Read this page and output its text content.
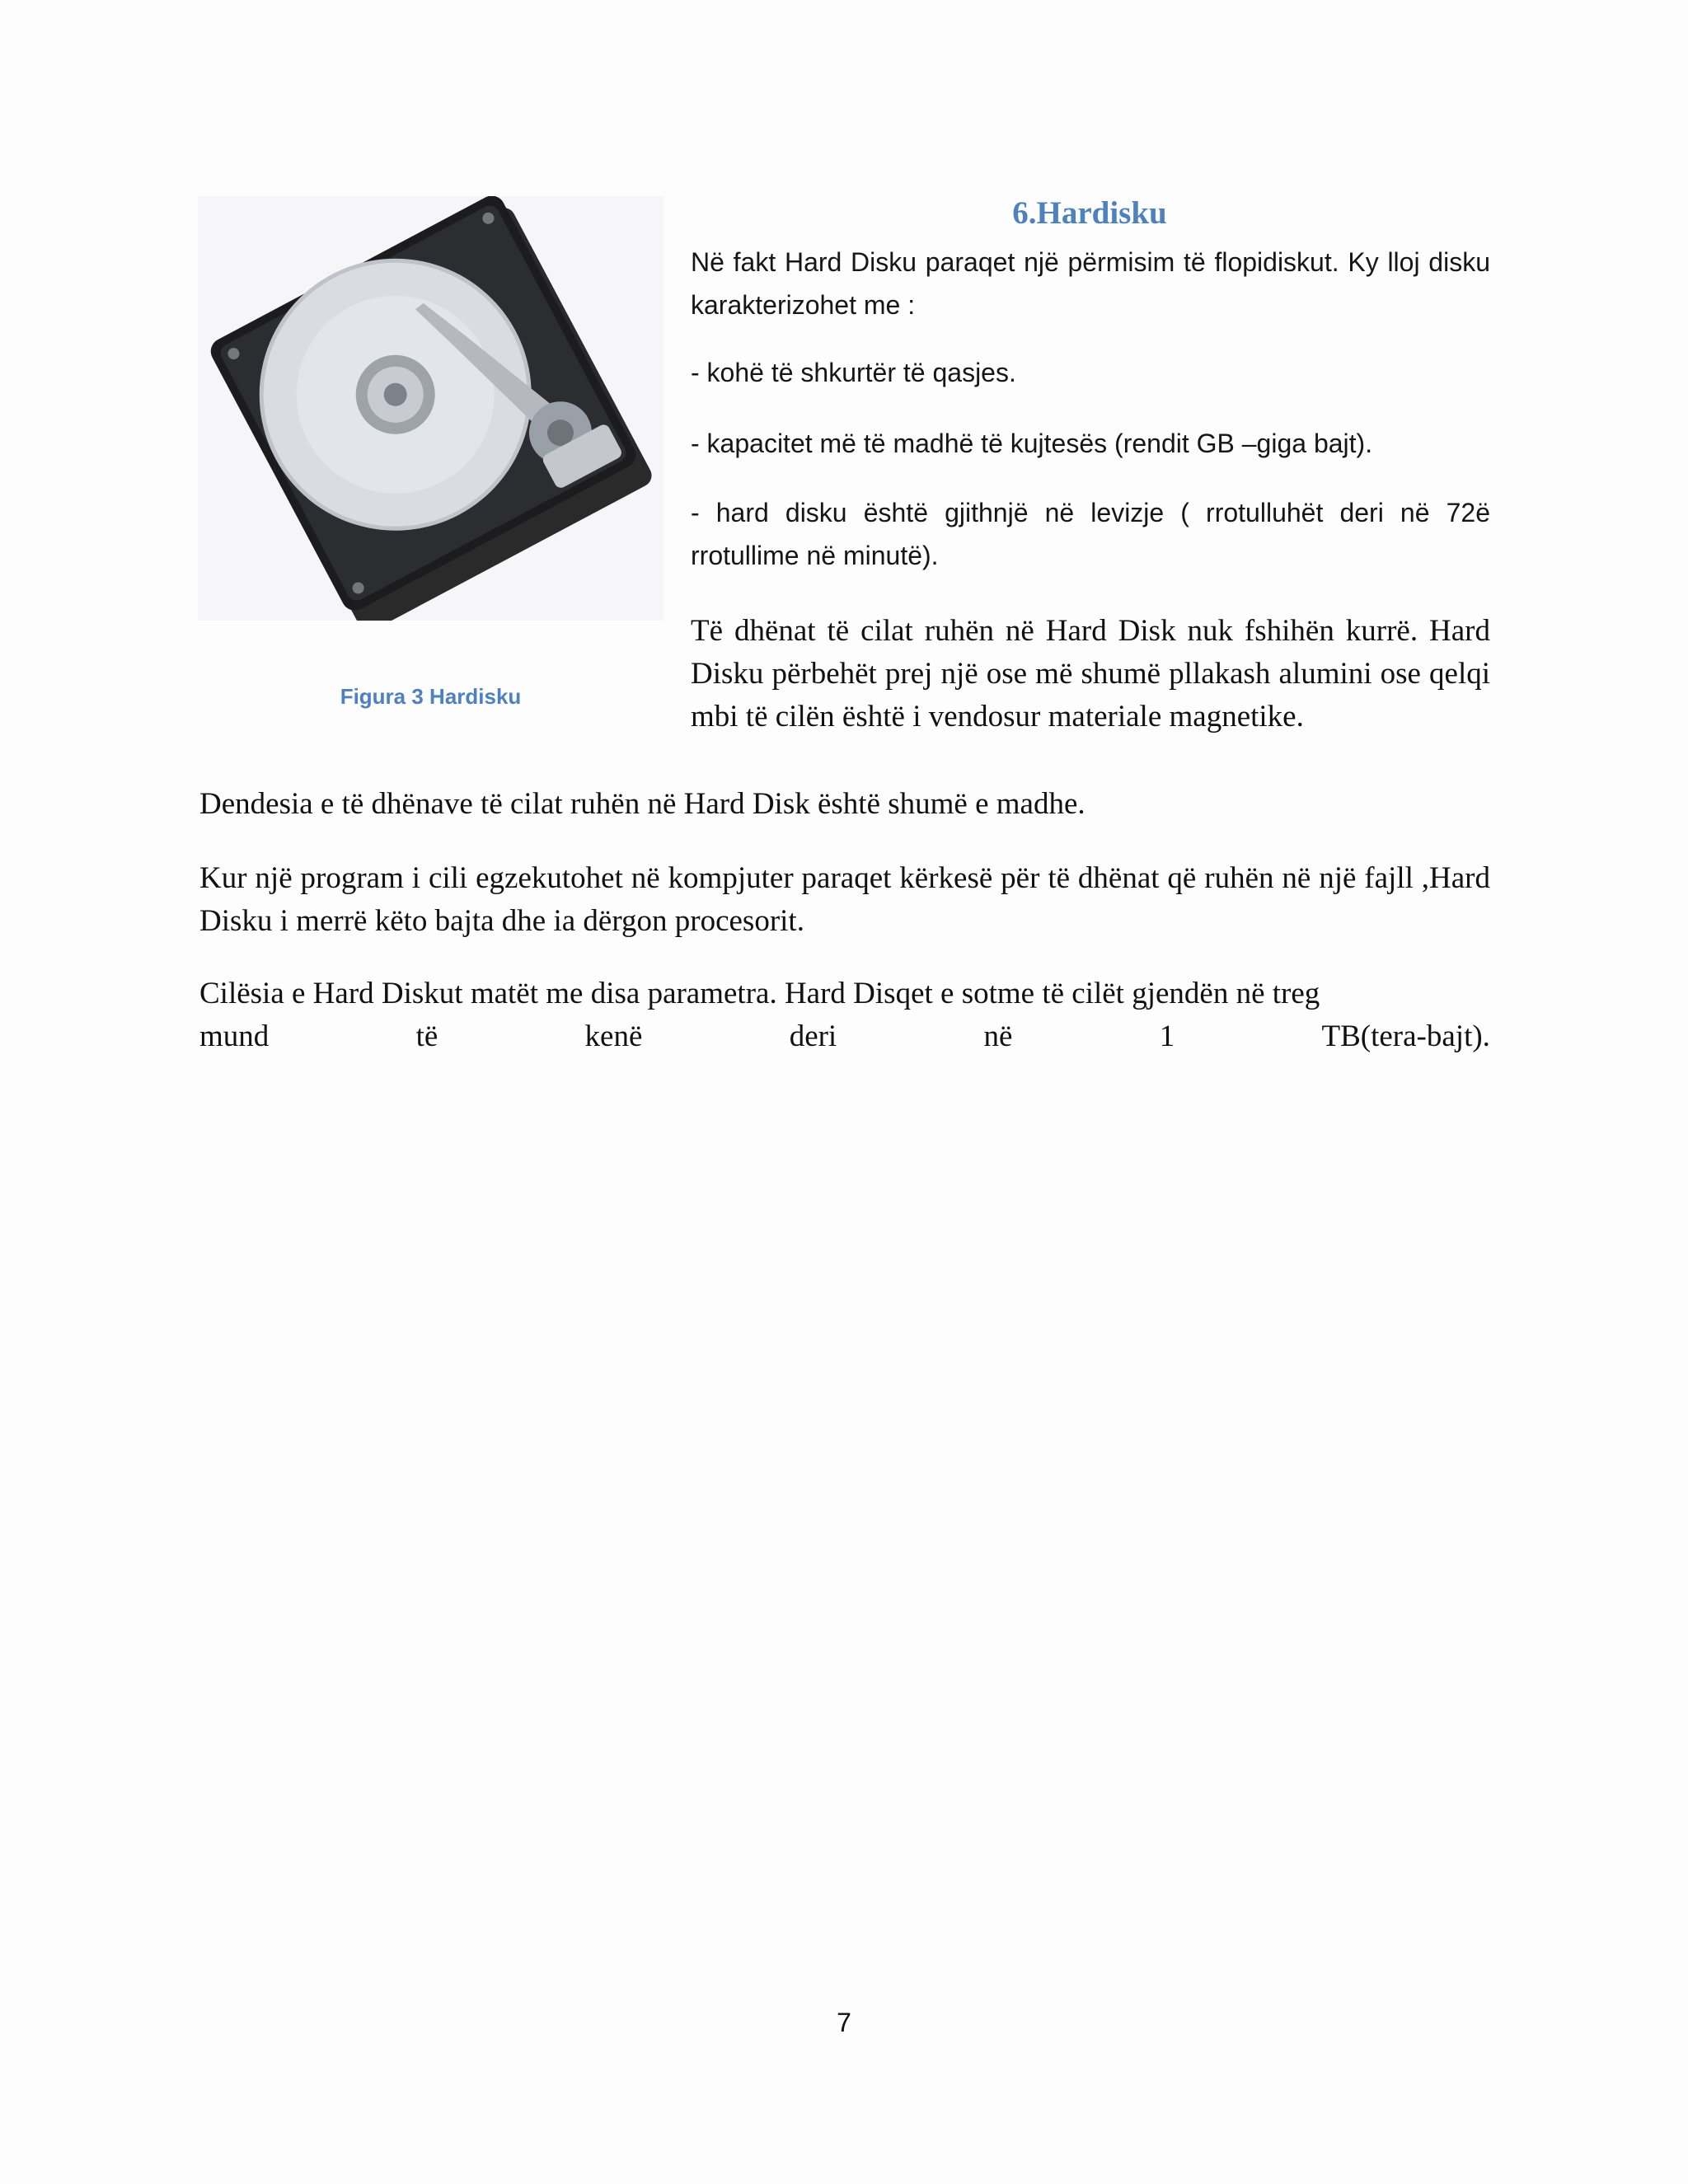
Figura 3 Hardisku
6.Hardisku

Në fakt Hard Disku paraqet një përmisim të flopidiskut. Ky lloj disku karakterizohet me :

- kohë të shkurtër të qasjes.

- kapacitet më të madhë të kujtesës (rendit GB –giga bajt).

- hard disku është gjithnjë në levizje ( rrotulluhët deri në 72ë rrotullime në minutë).

Të dhënat të cilat ruhën në Hard Disk nuk fshihën kurrë. Hard Disku përbehët prej një ose më shumë pllakash alumini ose qelqi mbi të cilën është i vendosur materiale magnetike.

Dendesia e të dhënave të cilat ruhën në Hard Disk është shumë e madhe.

Kur një program i cili egzekutohet në kompjuter paraqet kërkesë për të dhënat që ruhën në një fajll ,Hard Disku i merrë këto bajta dhe ia dërgon procesorit.

Cilësia e Hard Diskut matët me disa parametra. Hard Disqet e sotme të cilët gjendën në treg

mund	të	kenë	deri	në	1	TB(tera-bajt).
7
